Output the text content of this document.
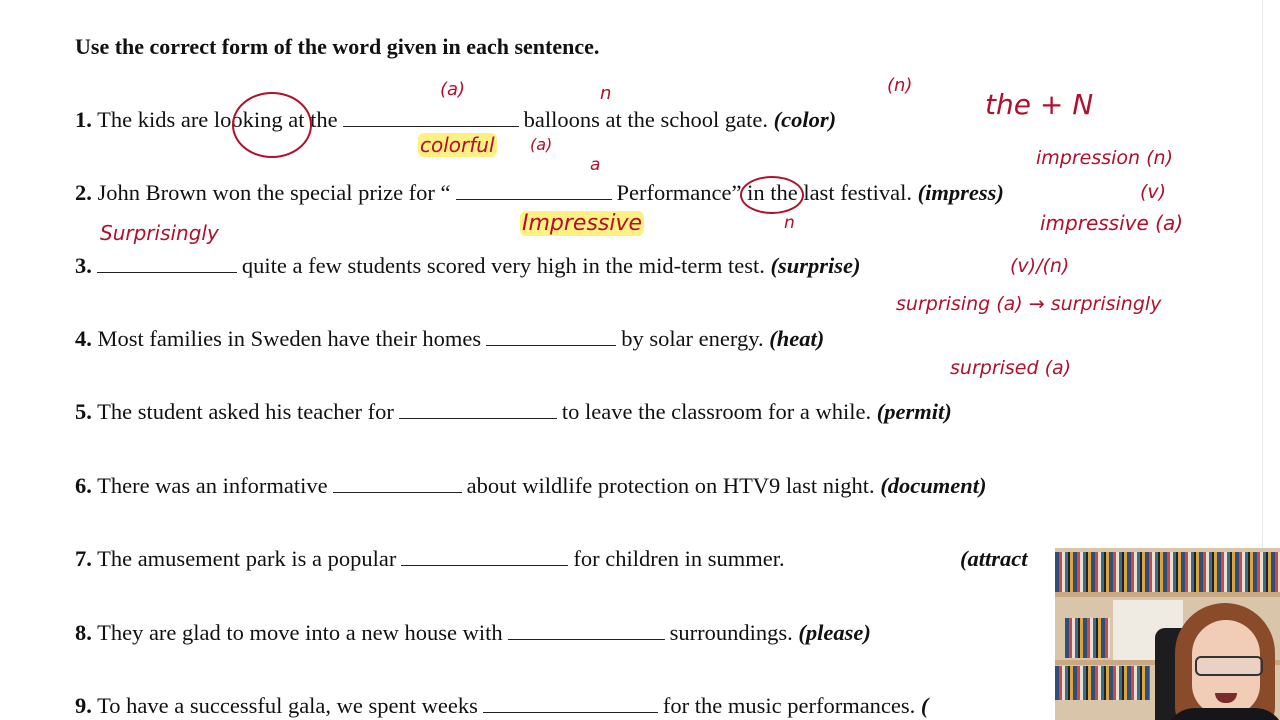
Use the correct form of the word given in each sentence.
1. The kids are looking at the	balloons at the school gate. (color)
2. John Brown won the special prize for “	Performance” in the last festival. (impress)
3.	quite a few students scored very high in the mid-term test. (surprise)
4. Most families in Sweden have their homes	by solar energy. (heat)
5. The student asked his teacher for	to leave the classroom for a while. (permit)
6. There was an informative	about wildlife protection on HTV9 last night. (document)
7. The amusement park is a popular	for children in summer.	(attract
8. They are glad to move into a new house with	surroundings. (please)
9. To have a successful gala, we spent weeks	for the music performances. (
(a)
colorful (a)
n
a
(n)
the + N
Impressive	n
impression (n)
(v)
impressive (a)
Surprisingly
(v)/(n)
surprising (a) → surprisingly
surprised (a)
